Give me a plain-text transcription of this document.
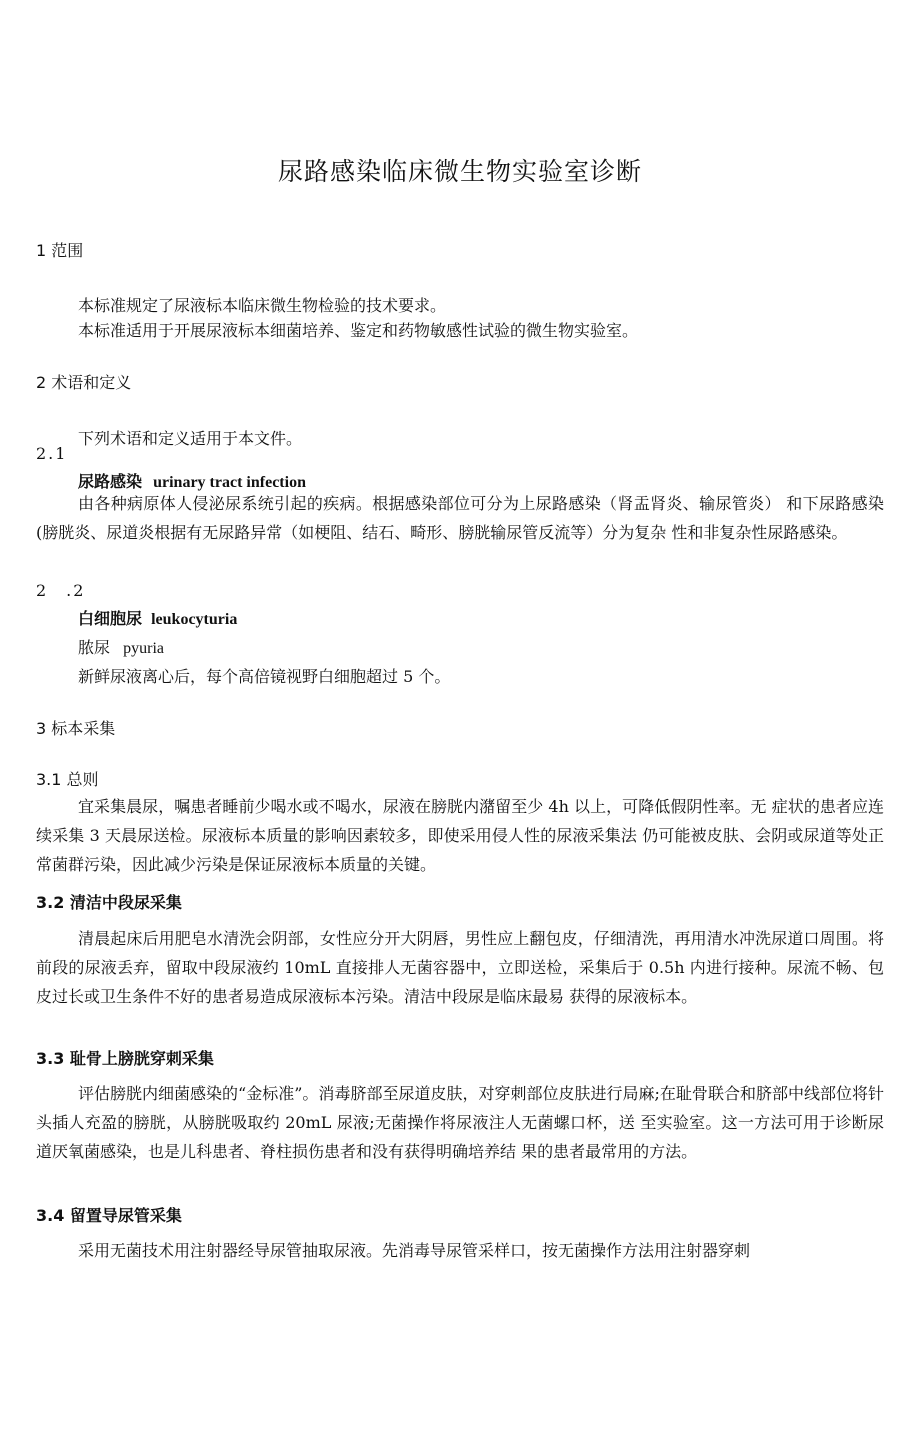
尿路感染临床微生物实验室诊断
1 范围
本标准规定了尿液标本临床微生物检验的技术要求。
本标准适用于开展尿液标本细菌培养、鉴定和药物敏感性试验的微生物实验室。
2 术语和定义
下列术语和定义适用于本文件。
2.1
尿路感染 urinary tract infection
由各种病原体人侵泌尿系统引起的疾病。根据感染部位可分为上尿路感染（肾盂肾炎、输尿管炎） 和下尿路感染(膀胱炎、尿道炎根据有无尿路异常（如梗阻、结石、畸形、膀胱输尿管反流等）分为复杂 性和非复杂性尿路感染。
2　.2
白细胞尿 leukocyturia
脓尿 pyuria
新鲜尿液离心后，每个高倍镜视野白细胞超过 5 个。
3 标本采集
3.1 总则
宜采集晨尿，嘱患者睡前少喝水或不喝水，尿液在膀胱内潴留至少 4h 以上，可降低假阴性率。无 症状的患者应连续采集 3 天晨尿送检。尿液标本质量的影响因素较多，即使采用侵人性的尿液采集法 仍可能被皮肤、会阴或尿道等处正常菌群污染，因此减少污染是保证尿液标本质量的关键。
3.2 清洁中段尿采集
清晨起床后用肥皂水清洗会阴部，女性应分开大阴唇，男性应上翻包皮，仔细清洗，再用清水冲洗尿道口周围。将前段的尿液丢弃，留取中段尿液约 10mL 直接排人无菌容器中，立即送检，采集后于 0.5h 内进行接种。尿流不畅、包皮过长或卫生条件不好的患者易造成尿液标本污染。清洁中段尿是临床最易 获得的尿液标本。
3.3 耻骨上膀胱穿刺采集
评估膀胱内细菌感染的“金标准”。消毒脐部至尿道皮肤，对穿刺部位皮肤进行局麻;在耻骨联合和脐部中线部位将针头插人充盈的膀胱，从膀胱吸取约 20mL 尿液;无菌操作将尿液注人无菌螺口杯，送 至实验室。这一方法可用于诊断尿道厌氧菌感染，也是儿科患者、脊柱损伤患者和没有获得明确培养结 果的患者最常用的方法。
3.4 留置导尿管采集
采用无菌技术用注射器经导尿管抽取尿液。先消毒导尿管采样口，按无菌操作方法用注射器穿刺
